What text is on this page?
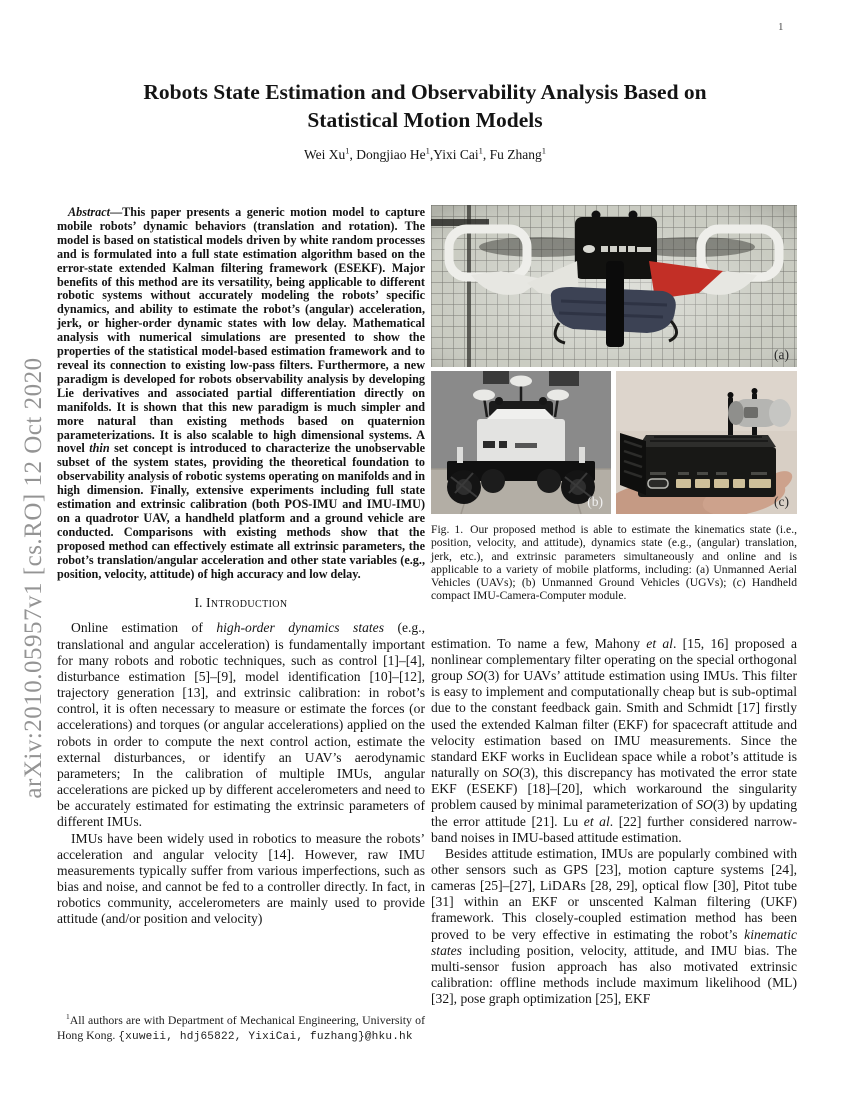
1
arXiv:2010.05957v1 [cs.RO] 12 Oct 2020
Robots State Estimation and Observability Analysis Based on
Statistical Motion Models

Wei Xu$^1$, Dongjiao He$^1$,Yixi Cai$^1$, Fu Zhang$^1$

Abstract—This paper presents a generic motion model to capture mobile robots’ dynamic behaviors (translation and rotation). The model is based on statistical models driven by white random processes and is formulated into a full state estimation algorithm based on the error-state extended Kalman filtering framework (ESEKF). Major benefits of this method are its versatility, being applicable to different robotic systems without accurately modeling the robots’ specific dynamics, and ability to estimate the robot’s (angular) acceleration, jerk, or higher-order dynamic states with low delay. Mathematical analysis with numerical simulations are presented to show the properties of the statistical model-based estimation framework and to reveal its connection to existing low-pass filters. Furthermore, a new paradigm is developed for robots observability analysis by developing Lie derivatives and associated partial differentiation directly on manifolds. It is shown that this new paradigm is much simpler and more natural than existing methods based on quaternion parameterizations. It is also scalable to high dimensional systems. A novel thin set concept is introduced to characterize the unobservable subset of the system states, providing the theoretical foundation to observability analysis of robotic systems operating on manifolds and in high dimension. Finally, extensive experiments including full state estimation and extrinsic calibration (both POS-IMU and IMU-IMU) on a quadrotor UAV, a handheld platform and a ground vehicle are conducted. Comparisons with existing methods show that the proposed method can effectively estimate all extrinsic parameters, the robot’s translation/angular acceleration and other state variables (e.g., position, velocity, attitude) of high accuracy and low delay.

I. Introduction

Online estimation of high-order dynamics states (e.g., translational and angular acceleration) is fundamentally important for many robots and robotic techniques, such as control [1]–[4], disturbance estimation [5]–[9], model identification [10]–[12], trajectory generation [13], and extrinsic calibration: in robot’s control, it is often necessary to measure or estimate the forces (or accelerations) and torques (or angular accelerations) applied on the robots in order to compute the next control action, estimate the external disturbances, or identify an UAV’s aerodynamic parameters; In the calibration of multiple IMUs, angular accelerations are picked up by different accelerometers and need to be accurately estimated for estimating the extrinsic parameters of different IMUs.

IMUs have been widely used in robotics to measure the robots’ acceleration and angular velocity [14]. However, raw IMU measurements typically suffer from various imperfections, such as bias and noise, and cannot be fed to a controller directly. In fact, in robotics community, accelerometers are mainly used to provide attitude (and/or position and velocity)

$^1$All authors are with Department of Mechanical Engineering, University of Hong Kong. {xuweii, hdj65822, YixiCai, fuzhang}@hku.hk

(a)
(b)	(c)

Fig. 1. Our proposed method is able to estimate the kinematics state (i.e., position, velocity, and attitude), dynamics state (e.g., (angular) translation, jerk, etc.), and extrinsic parameters simultaneously and online and is applicable to a variety of mobile platforms, including: (a) Unmanned Aerial Vehicles (UAVs); (b) Unmanned Ground Vehicles (UGVs); (c) Handheld compact IMU-Camera-Computer module.

estimation. To name a few, Mahony et al. [15, 16] proposed a nonlinear complementary filter operating on the special orthogonal group SO(3) for UAVs’ attitude estimation using IMUs. This filter is easy to implement and computationally cheap but is sub-optimal due to the constant feedback gain. Smith and Schmidt [17] firstly used the extended Kalman filter (EKF) for spacecraft attitude and velocity estimation based on IMU measurements. Since the standard EKF works in Euclidean space while a robot’s attitude is naturally on SO(3), this discrepancy has motivated the error state EKF (ESEKF) [18]–[20], which workaround the singularity problem caused by minimal parameterization of SO(3) by updating the error attitude [21]. Lu et al. [22] further considered narrow-band noises in IMU-based attitude estimation.

Besides attitude estimation, IMUs are popularly combined with other sensors such as GPS [23], motion capture systems [24], cameras [25]–[27], LiDARs [28, 29], optical flow [30], Pitot tube [31] within an EKF or unscented Kalman filtering (UKF) framework. This closely-coupled estimation method has been proved to be very effective in estimating the robot’s kinematic states including position, velocity, attitude, and IMU bias. The multi-sensor fusion approach has also motivated extrinsic calibration: offline methods include maximum likelihood (ML) [32], pose graph optimization [25], EKF
